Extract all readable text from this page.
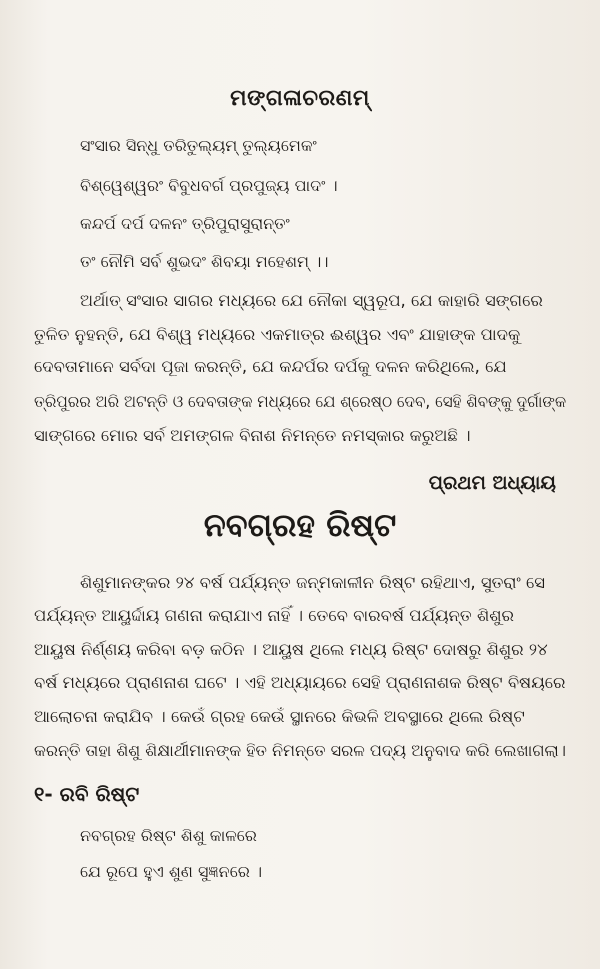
ମଙ୍ଗଳାଚରଣମ୍
ସଂସାର ସିନ୍ଧୁ ତରିତୁଲ୍ୟମ୍ ତୁଲ୍ୟମେକଂ
ବିଶ୍ୱେଶ୍ୱରଂ ବିବୁଧବର୍ଗ ପ୍ରପୁଜ୍ୟ ପାଦଂ ।
କନ୍ଦର୍ପ ଦର୍ପ ଦଳନଂ ତ୍ରିପୁରାସୁରାନ୍ତଂ
ତଂ ନୌମି ସର୍ବ ଶୁଭଦଂ ଶିବୟା ମହେଶମ୍ ।।
ଅର୍ଥାତ୍ ସଂସାର ସାଗର ମଧ୍ୟରେ ଯେ ନୌକା ସ୍ୱରୂପ, ଯେ କାହାରି ସଙ୍ଗରେ
ତୁଳିତ ନୁହନ୍ତି, ଯେ ବିଶ୍ୱ ମଧ୍ୟରେ ଏକମାତ୍ର ଈଶ୍ୱର ଏବଂ ଯାହାଙ୍କ ପାଦକୁ
ଦେବତାମାନେ ସର୍ବଦା ପୂଜା କରନ୍ତି, ଯେ କନ୍ଦର୍ପର ଦର୍ପକୁ ଦଳନ କରିଥିଲେ, ଯେ
ତ୍ରିପୁରର ଅରି ଅଟନ୍ତି ଓ ଦେବତାଙ୍କ ମଧ୍ୟରେ ଯେ ଶ୍ରେଷ୍ଠ ଦେବ, ସେହି ଶିବଙ୍କୁ ଦୁର୍ଗାଙ୍କ
ସାଙ୍ଗରେ ମୋର ସର୍ବ ଅମଙ୍ଗଳ ବିନାଶ ନିମନ୍ତେ ନମସ୍କାର କରୁଅଛି ।
ପ୍ରଥମ ଅଧ୍ୟାୟ
ନବଗ୍ରହ ରିଷ୍ଟ
ଶିଶୁମାନଙ୍କର ୨୪ ବର୍ଷ ପର୍ଯ୍ୟନ୍ତ ଜନ୍ମକାଳୀନ ରିଷ୍ଟ ରହିଥାଏ, ସୁତରାଂ ସେ
ପର୍ଯ୍ୟନ୍ତ ଆୟୁର୍ଦ୍ଦାୟ ଗଣନା କରାଯାଏ ନାହିଁ । ତେବେ ବାରବର୍ଷ ପର୍ଯ୍ୟନ୍ତ ଶିଶୁର
ଆୟୁଷ ନିର୍ଣ୍ଣୟ କରିବା ବଡ଼ କଠିନ । ଆୟୁଷ ଥିଲେ ମଧ୍ୟ ରିଷ୍ଟ ଦୋଷରୁ ଶିଶୁର ୨୪
ବର୍ଷ ମଧ୍ୟରେ ପ୍ରାଣନାଶ ଘଟେ । ଏହି ଅଧ୍ୟାୟରେ ସେହି ପ୍ରାଣନାଶକ ରିଷ୍ଟ ବିଷୟରେ
ଆଲୋଚନା କରାଯିବ । କେଉଁ ଗ୍ରହ କେଉଁ ସ୍ଥାନରେ କିଭଳି ଅବସ୍ଥାରେ ଥିଲେ ରିଷ୍ଟ
କରନ୍ତି ତାହା ଶିଶୁ ଶିକ୍ଷାର୍ଥୀମାନଙ୍କ ହିତ ନିମନ୍ତେ ସରଳ ପଦ୍ୟ ଅନୁବାଦ କରି ଲେଖାଗଲା।
୧- ରବି ରିଷ୍ଟ
ନବଗ୍ରହ ରିଷ୍ଟ ଶିଶୁ କାଳରେ
ଯେ ରୂପେ ହୁଏ ଶୁଣ ସୁଜ୍ଞନରେ ।
